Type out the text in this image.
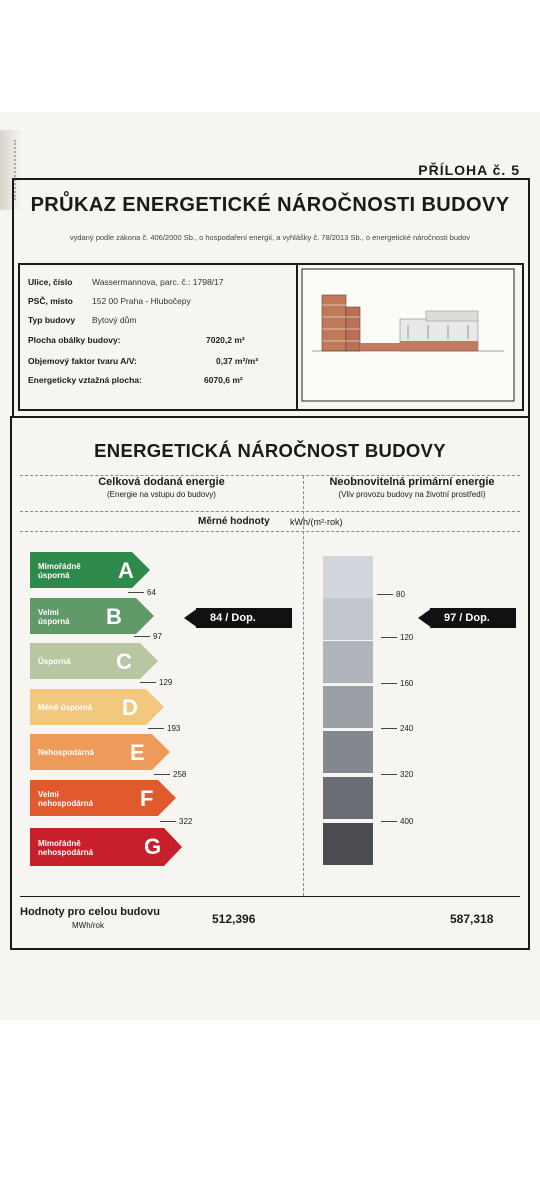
PŘÍLOHA č. 5
PRŮKAZ ENERGETICKÉ NÁROČNOSTI BUDOVY
vydaný podle zákona č. 406/2000 Sb., o hospodaření energií, a vyhlášky č. 78/2013 Sb., o energetické náročnosti budov
Ulice, číslo Wassermannova, parc. č.: 1798/17
PSČ, místo 152 00 Praha - Hlubočepy
Typ budovy Bytový dům
Plocha obálky budovy:	7020,2 m²
Objemový faktor tvaru A/V:	0,37 m²/m³
Energeticky vztažná plocha:	6070,6 m²
ENERGETICKÁ NÁROČNOST BUDOVY
Celková dodaná energie
(Energie na vstupu do budovy)
Neobnovitelná primární energie
(Vliv provozu budovy na životní prostředí)
Měrné hodnoty kWh/(m²·rok)
Mimořádně
úsporná	A
Velmi
úsporná B
Úsporná C
Méně úsporná D
Nehospodárná E
Velmi
nehospodárná F
Mimořádně
nehospodárná G
64
97
129
193
258
322
84 / Dop.
80
120
160
240
320
400
97 / Dop.
Hodnoty pro celou budovu
MWh/rok	512,396	587,318
